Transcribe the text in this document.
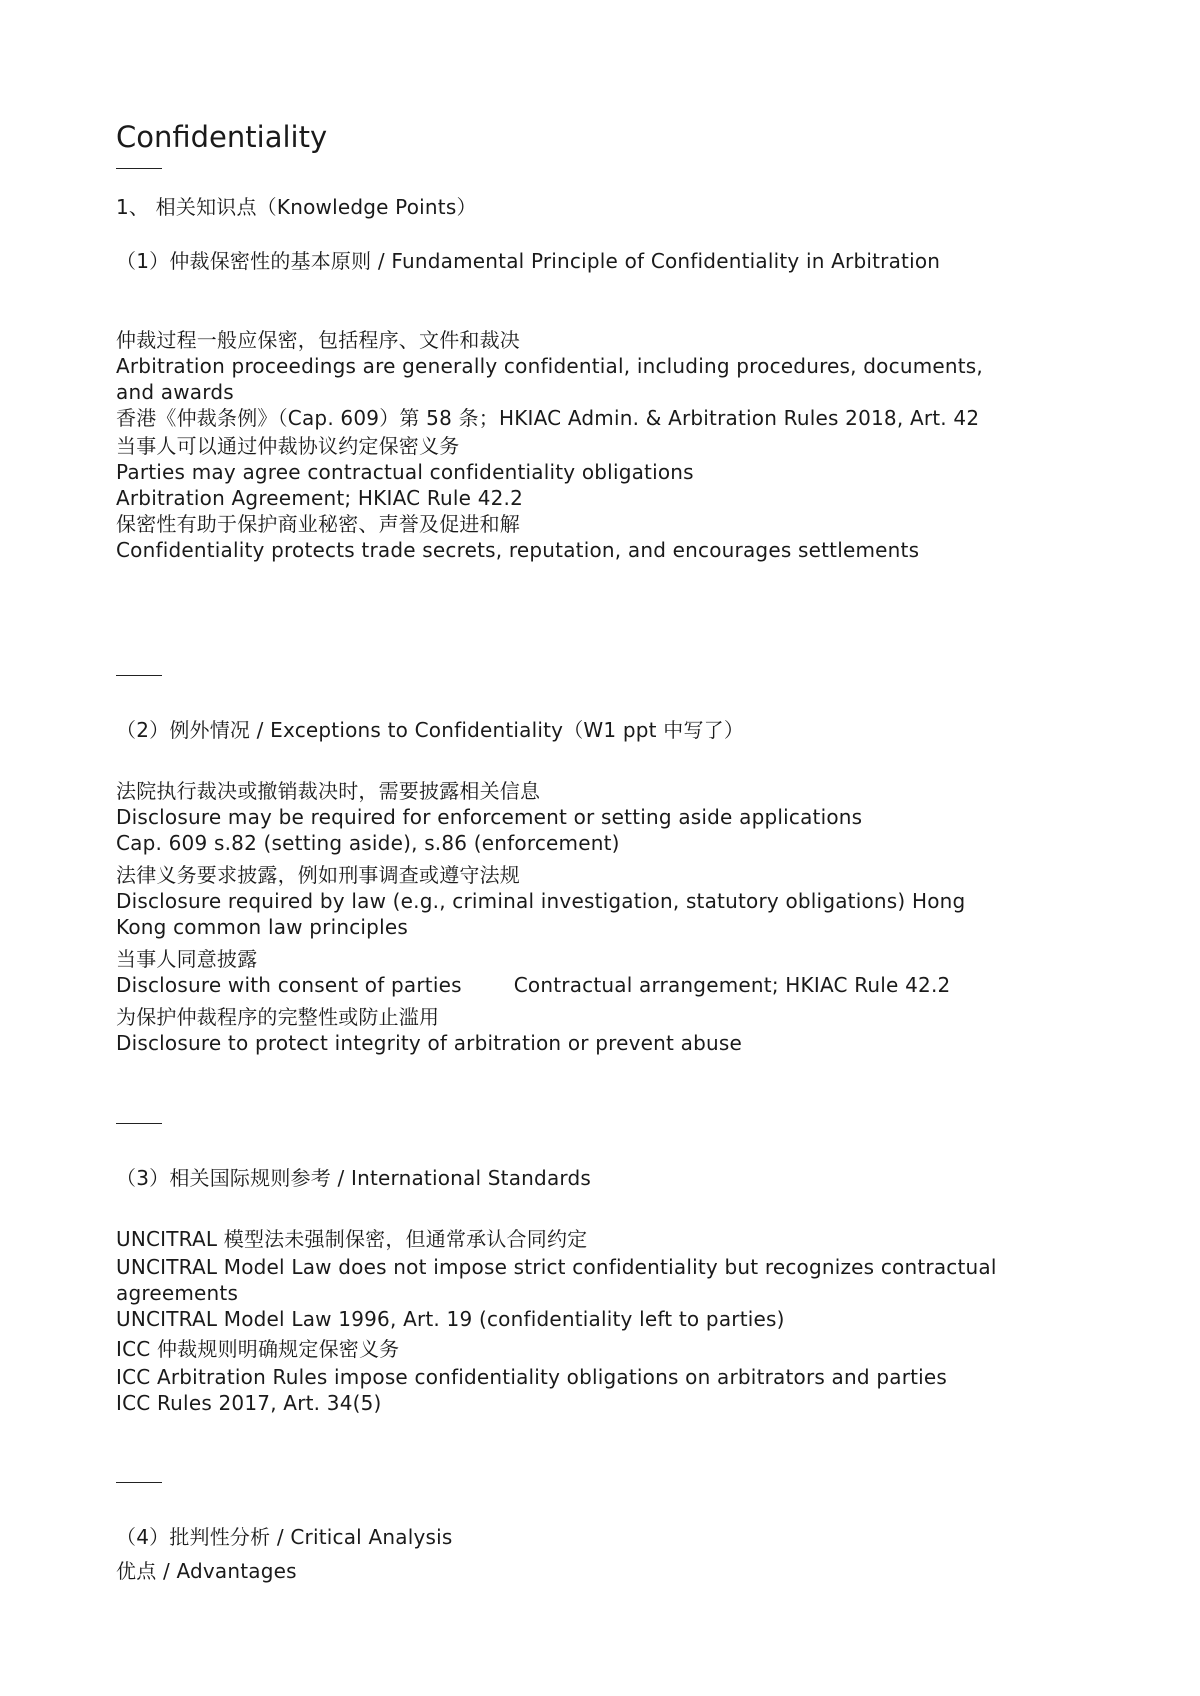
Confidentiality
1、 相关知识点（Knowledge Points）
（1）仲裁保密性的基本原则 / Fundamental Principle of Confidentiality in Arbitration
仲裁过程一般应保密，包括程序、文件和裁决
Arbitration proceedings are generally confidential, including procedures, documents,
and awards
香港《仲裁条例》（Cap. 609）第 58 条；HKIAC Admin. & Arbitration Rules 2018, Art. 42
当事人可以通过仲裁协议约定保密义务
Parties may agree contractual confidentiality obligations
Arbitration Agreement; HKIAC Rule 42.2
保密性有助于保护商业秘密、声誉及促进和解
Confidentiality protects trade secrets, reputation, and encourages settlements
（2）例外情况 / Exceptions to Confidentiality（W1 ppt 中写了）
法院执行裁决或撤销裁决时，需要披露相关信息
Disclosure may be required for enforcement or setting aside applications
Cap. 609 s.82 (setting aside), s.86 (enforcement)
法律义务要求披露，例如刑事调查或遵守法规
Disclosure required by law (e.g., criminal investigation, statutory obligations) Hong
Kong common law principles
当事人同意披露
Disclosure with consent of parties	Contractual arrangement; HKIAC Rule 42.2
为保护仲裁程序的完整性或防止滥用
Disclosure to protect integrity of arbitration or prevent abuse
（3）相关国际规则参考 / International Standards
UNCITRAL 模型法未强制保密，但通常承认合同约定
UNCITRAL Model Law does not impose strict confidentiality but recognizes contractual
agreements
UNCITRAL Model Law 1996, Art. 19 (confidentiality left to parties)
ICC 仲裁规则明确规定保密义务
ICC Arbitration Rules impose confidentiality obligations on arbitrators and parties
ICC Rules 2017, Art. 34(5)
（4）批判性分析 / Critical Analysis
优点 / Advantages
